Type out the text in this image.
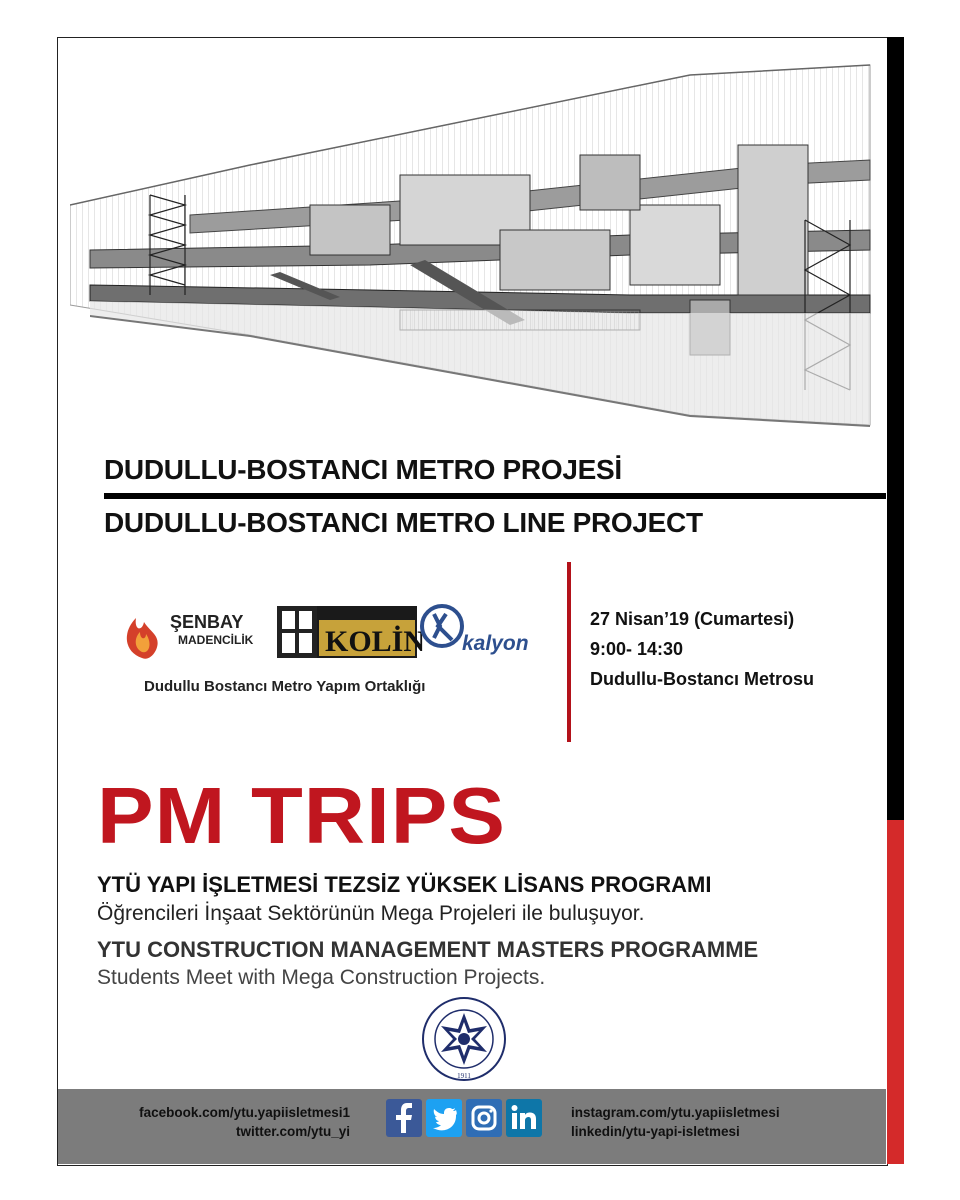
DUDULLU-BOSTANCI METRO PROJESİ
DUDULLU-BOSTANCI METRO LINE PROJECT
ŞENBAY
MADENCİLİK KOLİN kalyon
Dudullu Bostancı Metro Yapım Ortaklığı
27 Nisan’19 (Cumartesi)
9:00- 14:30
Dudullu-Bostancı Metrosu
PM TRIPS
YTÜ YAPI İŞLETMESİ TEZSİZ YÜKSEK LİSANS PROGRAMI
Öğrencileri İnşaat Sektörünün Mega Projeleri ile buluşuyor.
YTU CONSTRUCTION MANAGEMENT MASTERS PROGRAMME
Students Meet with Mega Construction Projects.
1911
facebook.com/ytu.yapiisletmesi1
twitter.com/ytu_yi
instagram.com/ytu.yapiisletmesi
linkedin/ytu-yapi-isletmesi
